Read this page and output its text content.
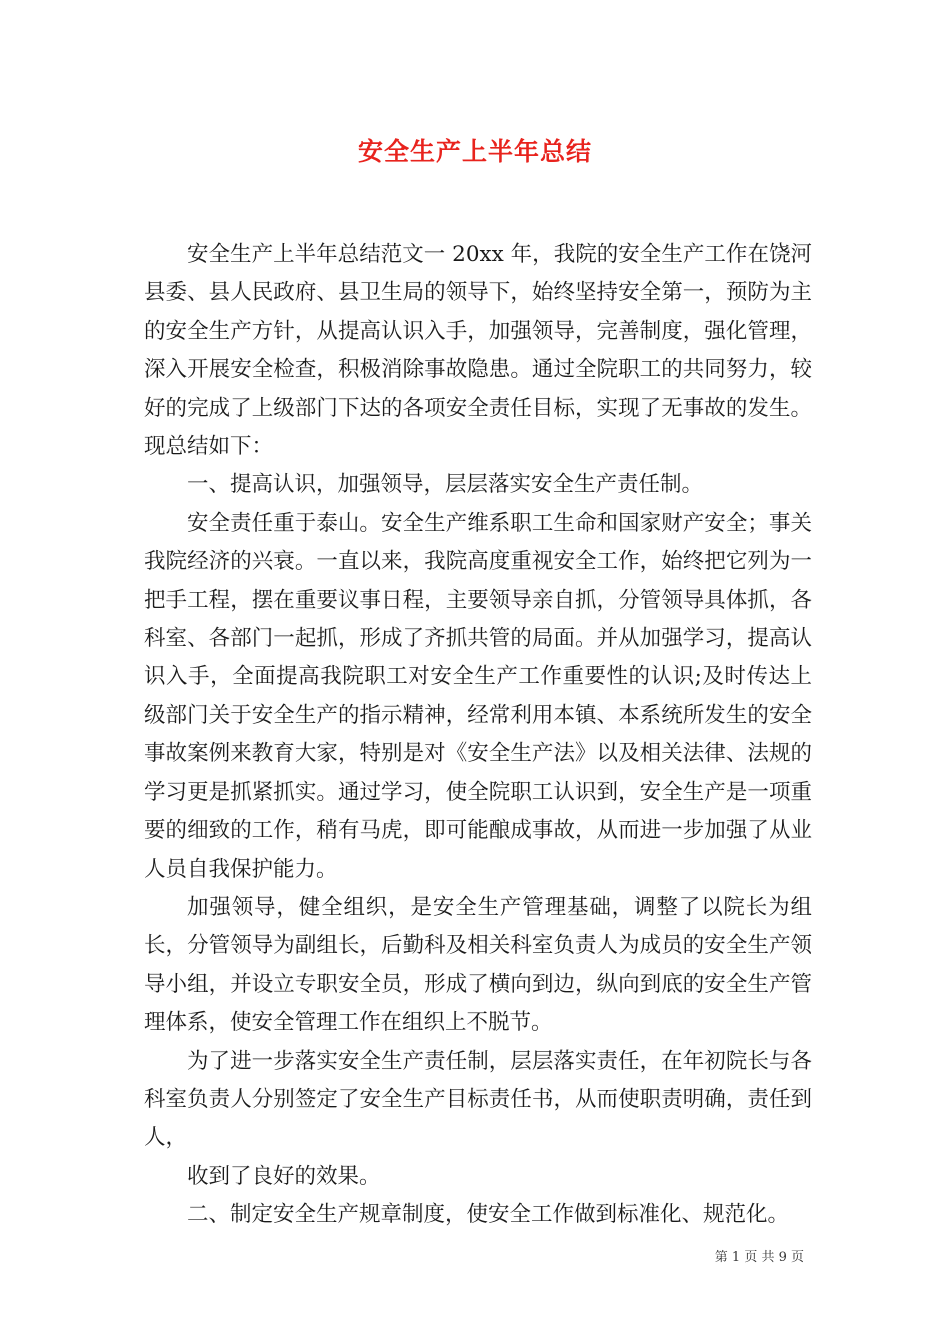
安全生产上半年总结

安全生产上半年总结范文一 20xx 年，我院的安全生产工作在饶河县委、县人民政府、县卫生局的领导下，始终坚持安全第一，预防为主的安全生产方针，从提高认识入手，加强领导，完善制度，强化管理，深入开展安全检查，积极消除事故隐患。通过全院职工的共同努力，较好的完成了上级部门下达的各项安全责任目标，实现了无事故的发生。现总结如下：

一、提高认识，加强领导，层层落实安全生产责任制。

安全责任重于泰山。安全生产维系职工生命和国家财产安全；事关我院经济的兴衰。一直以来，我院高度重视安全工作，始终把它列为一把手工程，摆在重要议事日程，主要领导亲自抓，分管领导具体抓，各科室、各部门一起抓，形成了齐抓共管的局面。并从加强学习，提高认识入手，全面提高我院职工对安全生产工作重要性的认识;及时传达上级部门关于安全生产的指示精神，经常利用本镇、本系统所发生的安全事故案例来教育大家，特别是对《安全生产法》以及相关法律、法规的学习更是抓紧抓实。通过学习，使全院职工认识到，安全生产是一项重要的细致的工作，稍有马虎，即可能酿成事故，从而进一步加强了从业人员自我保护能力。

加强领导，健全组织，是安全生产管理基础，调整了以院长为组长，分管领导为副组长，后勤科及相关科室负责人为成员的安全生产领导小组，并设立专职安全员，形成了横向到边，纵向到底的安全生产管理体系，使安全管理工作在组织上不脱节。

为了进一步落实安全生产责任制，层层落实责任，在年初院长与各科室负责人分别签定了安全生产目标责任书，从而使职责明确，责任到人，

收到了良好的效果。

二、制定安全生产规章制度，使安全工作做到标准化、规范化。

第 1 页 共 9 页
